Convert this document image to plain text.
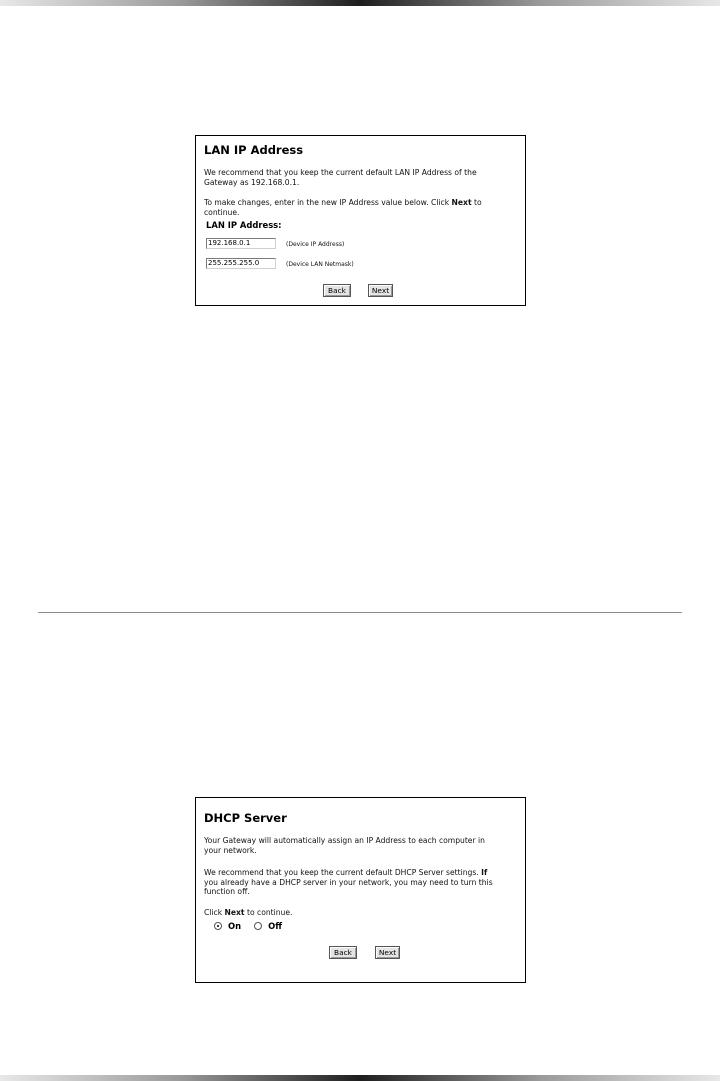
LAN IP Address
We recommend that you keep the current default LAN IP Address of the
Gateway as 192.168.0.1.
To make changes, enter in the new IP Address value below. Click Next to
continue.
LAN IP Address:
192.168.0.1	(Device IP Address)
255.255.255.0	(Device LAN Netmask)
Back	Next
DHCP Server
Your Gateway will automatically assign an IP Address to each computer in
your network.
We recommend that you keep the current default DHCP Server settings. If
you already have a DHCP server in your network, you may need to turn this
function off.
Click Next to continue.
On	Off
Back	Next
